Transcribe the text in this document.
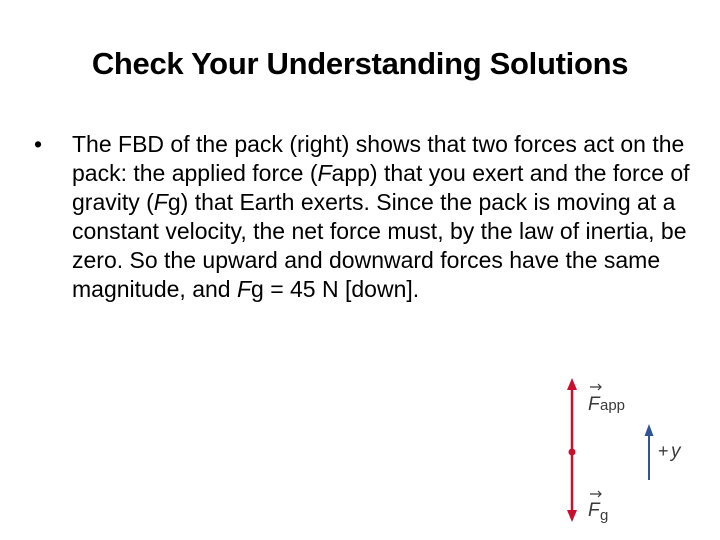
Check Your Understanding Solutions
•	The FBD of the pack (right) shows that two forces act on the pack: the applied force (Fapp) that you exert and the force of gravity (Fg) that Earth exerts. Since the pack is moving at a constant velocity, the net force must, by the law of inertia, be zero. So the upward and downward forces have the same magnitude, and Fg = 45 N [down].
F app
+ y
F g
